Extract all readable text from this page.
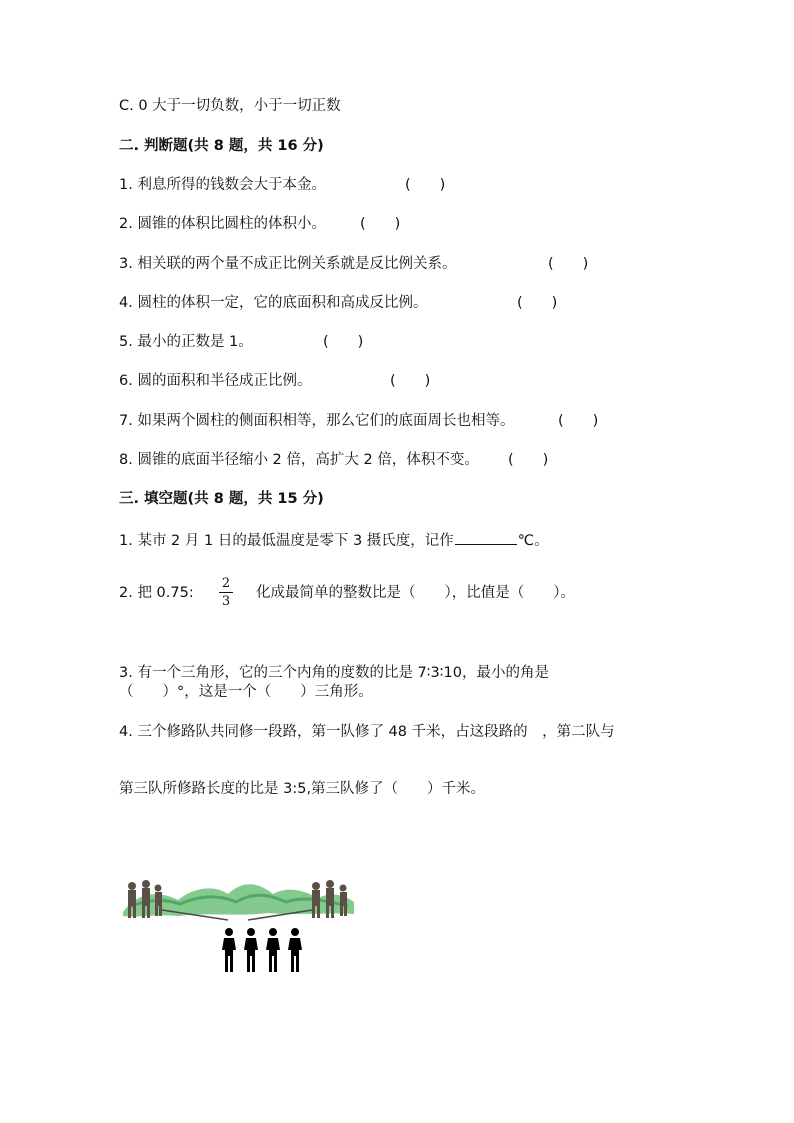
C. 0 大于一切负数，小于一切正数
二. 判断题(共 8 题，共 16 分)
1. 利息所得的钱数会大于本金。	(　　)
2. 圆锥的体积比圆柱的体积小。 (　　)
3. 相关联的两个量不成正比例关系就是反比例关系。	(　　)
4. 圆柱的体积一定，它的底面积和高成反比例。	(　　)
5. 最小的正数是 1。	(　　)
6. 圆的面积和半径成正比例。	(　　)
7. 如果两个圆柱的侧面积相等，那么它们的底面周长也相等。	(　　)
8. 圆锥的底面半径缩小 2 倍，高扩大 2 倍，体积不变。 (　　)
三. 填空题(共 8 题，共 15 分)
1. 某市 2 月 1 日的最低温度是零下 3 摄氏度，记作	℃。
2. 把 0.75:
2
3
化成最简单的整数比是（　　），比值是（　　）。
3. 有一个三角形，它的三个内角的度数的比是 7∶3∶10，最小的角是
（　　）°，这是一个（　　）三角形。
4. 三个修路队共同修一段路，第一队修了 48 千米，占这段路的　，第二队与
第三队所修路长度的比是 3:5,第三队修了（　　）千米。
